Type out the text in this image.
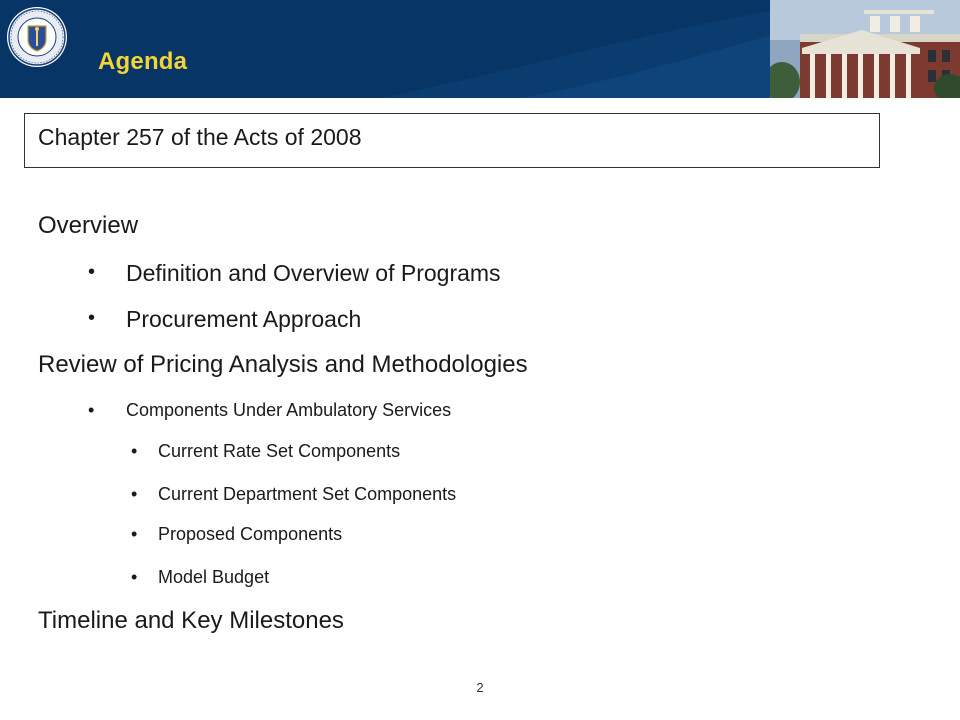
Agenda
Chapter 257 of the Acts of 2008
Overview
• Definition and Overview of Programs
• Procurement Approach
Review of Pricing Analysis and Methodologies
• Components Under Ambulatory Services
• Current Rate Set Components
• Current Department Set Components
• Proposed Components
• Model Budget
Timeline and Key Milestones
2
